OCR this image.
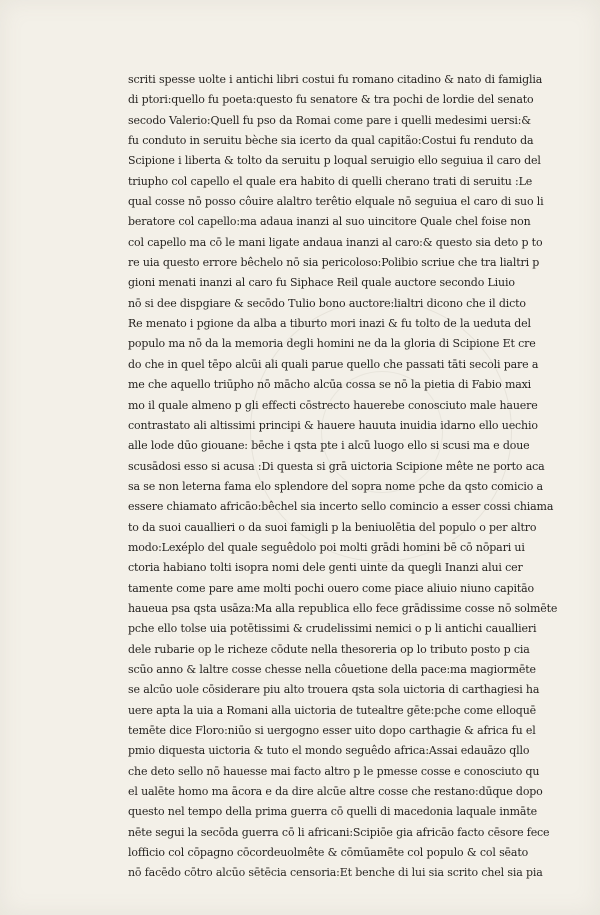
scriti spesse uolte i antichi libri costui fu romano citadino & nato di famiglia
di ptori:quello fu poeta:questo fu senatore & tra pochi de lordie del senato
secodo Valerio:Quell fu pso da Romai come pare i quelli medesimi uersi:&
fu conduto in seruitu bèche sia icerto da qual capitão:Costui fu renduto da
Scipione i liberta & tolto da seruitu p loqual seruigio ello seguiua il caro del
triupho col capello el quale era habito di quelli cherano trati di seruitu :Le
qual cosse nō posso côuire alaltro terêtio elquale nō seguiua el caro di suo li
beratore col capello:ma adaua inanzi al suo uincitore Quale chel foise non
col capello ma cō le mani ligate andaua inanzi al caro:& questo sia deto p to
re uia questo errore bêchelo nō sia pericoloso:Polibio scriue che tra lialtri p
gioni menati inanzi al caro fu Siphace Reil quale auctore secondo Liuio
nō si dee dispgiare & secōdo Tulio bono auctore:lialtri dicono che il dicto
Re menato i pgione da alba a tiburto mori inazi & fu tolto de la ueduta del
populo ma nō da la memoria degli homini ne da la gloria di Scipione Et cre
do che in quel tēpo alcūi ali quali parue quello che passati tāti secoli pare a
me che aquello triūpho nō mācho alcūa cossa se nō la pietia di Fabio maxi
mo il quale almeno p gli effecti cōstrecto hauerebe conosciuto male hauere
contrastato ali altissimi principi & hauere hauuta inuidia idarno ello uechio
alle lode dūo giouane: bēche i qsta pte i alcū luogo ello si scusi ma e doue
scusādosi esso si acusa :Di questa si grā uictoria Scipione mête ne porto aca
sa se non leterna fama elo splendore del sopra nome pche da qsto comicio a
essere chiamato africāo:bêchel sia incerto sello comincio a esser cossi chiama
to da suoi cauallieri o da suoi famigli p la beniuolētia del populo o per altro
modo:Lexéplo del quale seguêdolo poi molti grādi homini bē cō nōpari ui
ctoria habiano tolti isopra nomi dele genti uinte da quegli Inanzi alui cer
tamente come pare ame molti pochi ouero come piace aliuio niuno capitāo
haueua psa qsta usāza:Ma alla republica ello fece grādissime cosse nō solmēte
pche ello tolse uia potētissimi & crudelissimi nemici o p li antichi cauallieri
dele rubarie op le richeze cōdute nella thesoreria op lo tributo posto p cia
scūo anno & laltre cosse chesse nella côuetione della pace:ma magiormēte
se alcūo uole cōsiderare piu alto trouera qsta sola uictoria di carthagiesi ha
uere apta la uia a Romani alla uictoria de tutealtre gēte:pche come elloquē
temēte dice Floro:niūo si uergogno esser uito dopo carthagie & africa fu el
pmio diquesta uictoria & tuto el mondo seguêdo africa:Assai edauāzo qllo
che deto sello nō hauesse mai facto altro p le pmesse cosse e conosciuto qu
el ualēte homo ma ācora e da dire alcūe altre cosse che restano:dūque dopo
questo nel tempo della prima guerra cō quelli di macedonia laquale inmāte
nēte segui la secōda guerra cō li africani:Scipiōe gia africāo facto cēsore fece
lofficio col cōpagno cōcordeuolmête & cōmūamēte col populo & col sēato
nō facēdo cōtro alcūo sētēcia censoria:Et benche di lui sia scrito chel sia pia
